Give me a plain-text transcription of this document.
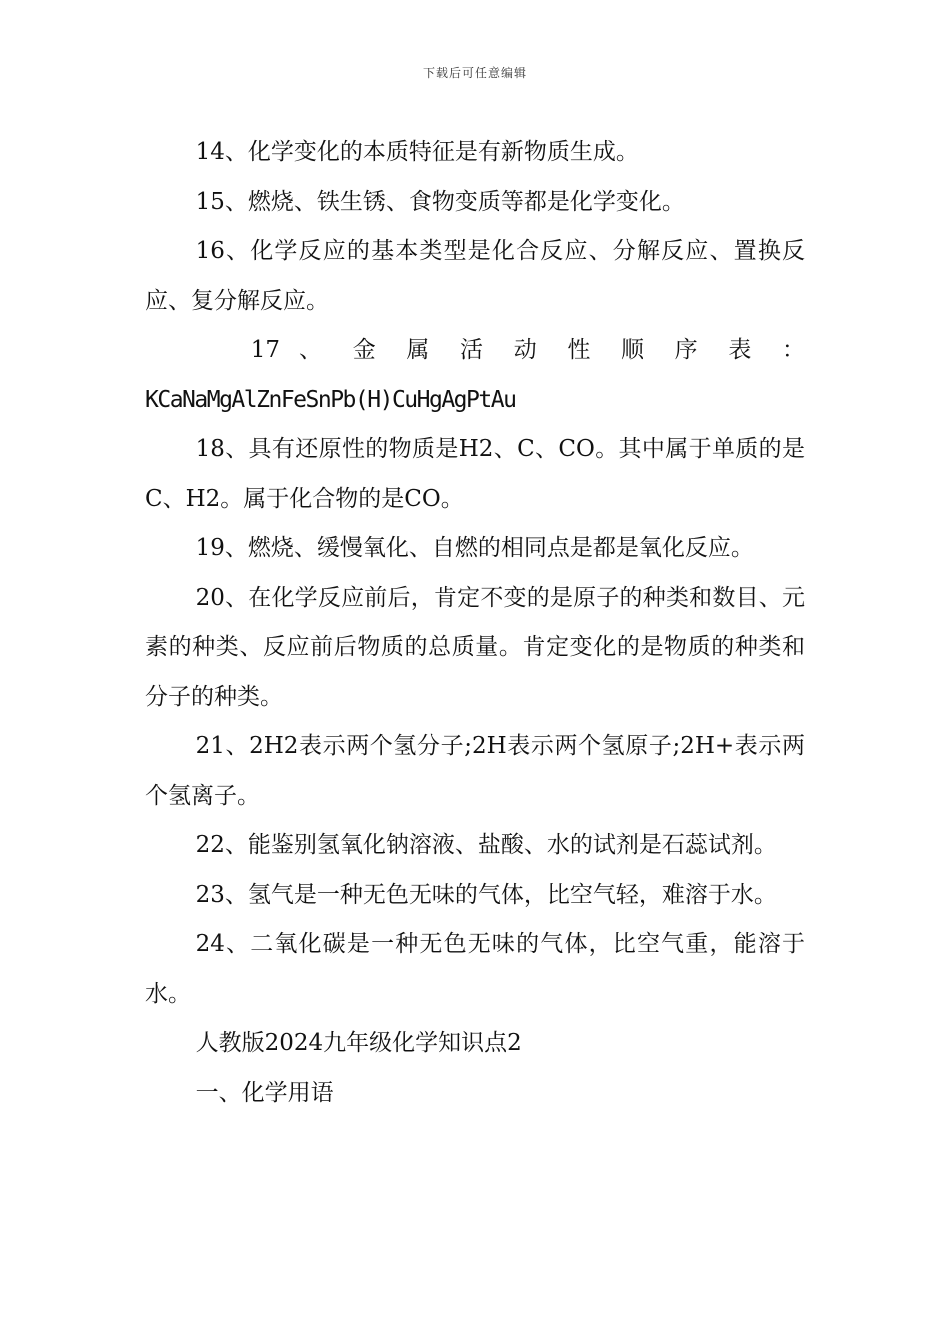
下载后可任意编辑

14、化学变化的本质特征是有新物质生成。

15、燃烧、铁生锈、食物变质等都是化学变化。

16、化学反应的基本类型是化合反应、分解反应、置换反应、复分解反应。

17 、 金 属 活 动 性 顺 序 表 ：

KCaNaMgAlZnFeSnPb(H)CuHgAgPtAu

18、具有还原性的物质是H2、C、CO。其中属于单质的是C、H2。属于化合物的是CO。

19、燃烧、缓慢氧化、自燃的相同点是都是氧化反应。

20、在化学反应前后，肯定不变的是原子的种类和数目、元素的种类、反应前后物质的总质量。肯定变化的是物质的种类和分子的种类。

21、2H2表示两个氢分子;2H表示两个氢原子;2H+表示两个氢离子。

22、能鉴别氢氧化钠溶液、盐酸、水的试剂是石蕊试剂。

23、氢气是一种无色无味的气体，比空气轻，难溶于水。

24、二氧化碳是一种无色无味的气体，比空气重，能溶于水。

人教版2024九年级化学知识点2

一、化学用语
